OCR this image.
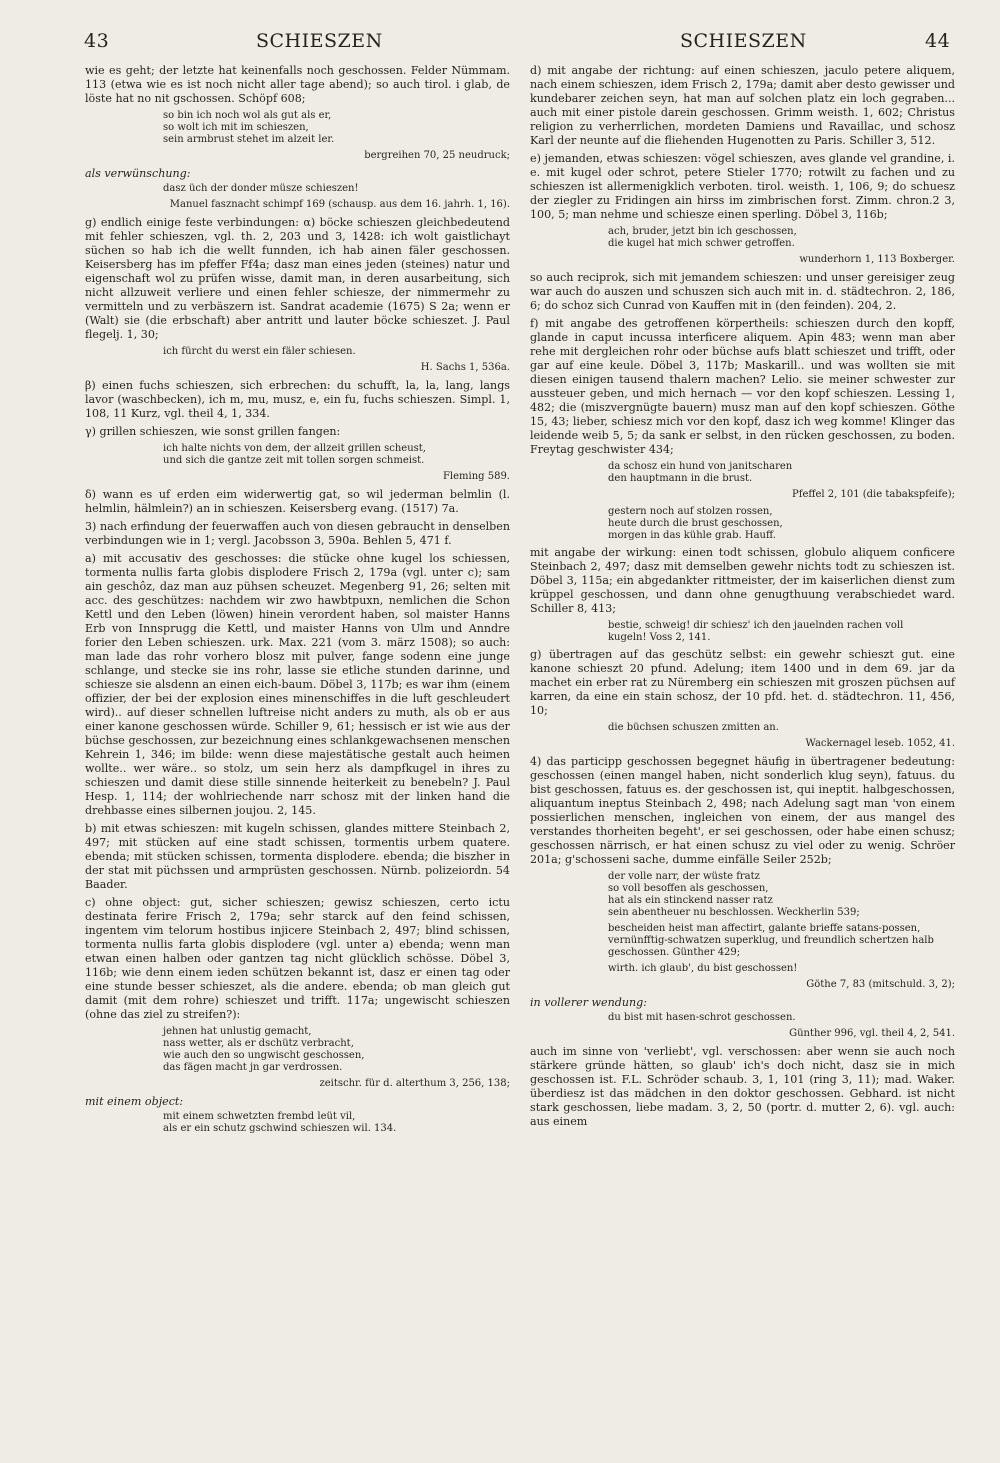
43	SCHIESZEN	SCHIESZEN	44

wie es geht; der letzte hat keinenfalls noch geschossen. Felder Nümmam. 113 (etwa wie es ist noch nicht aller tage abend); so auch tirol. i glab, de löste hat no nit gschossen. Schöpf 608;

so bin ich noch wol als gut als er,
so wolt ich mit im schieszen,
sein armbrust stehet im alzeit ler.

bergreihen 70, 25 neudruck;

als verwünschung:

dasz üch der donder müsze schieszen!

Manuel fasznacht schimpf 169 (schausp. aus dem 16. jahrh. 1, 16).

g) endlich einige feste verbindungen: α) böcke schieszen gleichbedeutend mit fehler schieszen, vgl. th. 2, 203 und 3, 1428: ich wolt gaistlichayt süchen so hab ich die wellt funnden, ich hab ainen fäler geschossen. Keisersberg has im pfeffer Ff4a; dasz man eines jeden (steines) natur und eigenschaft wol zu prüfen wisse, damit man, in deren ausarbeitung, sich nicht allzuweit verliere und einen fehler schiesze, der nimmermehr zu vermitteln und zu verbäszern ist. Sandrat academie (1675) S 2a; wenn er (Walt) sie (die erbschaft) aber antritt und lauter böcke schieszet. J. Paul flegelj. 1, 30;

ich fürcht du werst ein fäler schiesen.

H. Sachs 1, 536a.

β) einen fuchs schieszen, sich erbrechen: du schufft, la, la, lang, langs lavor (waschbecken), ich m, mu, musz, e, ein fu, fuchs schieszen. Simpl. 1, 108, 11 Kurz, vgl. theil 4, 1, 334.

γ) grillen schieszen, wie sonst grillen fangen:

ich halte nichts von dem, der allzeit grillen scheust,
und sich die gantze zeit mit tollen sorgen schmeist.

Fleming 589.

δ) wann es uf erden eim widerwertig gat, so wil jederman belmlin (l. helmlin, hälmlein?) an in schieszen. Keisersberg evang. (1517) 7a.

3) nach erfindung der feuerwaffen auch von diesen gebraucht in denselben verbindungen wie in 1; vergl. Jacobsson 3, 590a. Behlen 5, 471 f.

a) mit accusativ des geschosses: die stücke ohne kugel los schiessen, tormenta nullis farta globis displodere Frisch 2, 179a (vgl. unter c); sam ain geschôz, daz man auz pühsen scheuzet. Megenberg 91, 26; selten mit acc. des geschützes: nachdem wir zwo hawbtpuxn, nemlichen die Schon Kettl und den Leben (löwen) hinein verordent haben, sol maister Hanns Erb von Innsprugg die Kettl, und maister Hanns von Ulm und Anndre forier den Leben schieszen. urk. Max. 221 (vom 3. märz 1508); so auch: man lade das rohr vorhero blosz mit pulver, fange sodenn eine junge schlange, und stecke sie ins rohr, lasse sie etliche stunden darinne, und schiesze sie alsdenn an einen eich-baum. Döbel 3, 117b; es war ihm (einem offizier, der bei der explosion eines minenschiffes in die luft geschleudert wird).. auf dieser schnellen luftreise nicht anders zu muth, als ob er aus einer kanone geschossen würde. Schiller 9, 61; hessisch er ist wie aus der büchse geschossen, zur bezeichnung eines schlankgewachsenen menschen Kehrein 1, 346; im bilde: wenn diese majestätische gestalt auch heimen wollte.. wer wäre.. so stolz, um sein herz als dampfkugel in ihres zu schieszen und damit diese stille sinnende heiterkeit zu benebeln? J. Paul Hesp. 1, 114; der wohlriechende narr schosz mit der linken hand die drehbasse eines silbernen joujou. 2, 145.

b) mit etwas schieszen: mit kugeln schissen, glandes mittere Steinbach 2, 497; mit stücken auf eine stadt schissen, tormentis urbem quatere. ebenda; mit stücken schissen, tormenta displodere. ebenda; die biszher in der stat mit püchssen und armprüsten geschossen. Nürnb. polizeiordn. 54 Baader.

c) ohne object: gut, sicher schieszen; gewisz schieszen, certo ictu destinata ferire Frisch 2, 179a; sehr starck auf den feind schissen, ingentem vim telorum hostibus injicere Steinbach 2, 497; blind schissen, tormenta nullis farta globis displodere (vgl. unter a) ebenda; wenn man etwan einen halben oder gantzen tag nicht glücklich schösse. Döbel 3, 116b; wie denn einem ieden schützen bekannt ist, dasz er einen tag oder eine stunde besser schieszet, als die andere. ebenda; ob man gleich gut damit (mit dem rohre) schieszet und trifft. 117a; ungewischt schieszen (ohne das ziel zu streifen?):

jehnen hat unlustig gemacht,
nass wetter, als er dschütz verbracht,
wie auch den so ungwischt geschossen,
das fägen macht jn gar verdrossen.

zeitschr. für d. alterthum 3, 256, 138;

mit einem object:

mit einem schwetzten frembd leüt vil,
als er ein schutz gschwind schieszen wil. 134.

d) mit angabe der richtung: auf einen schieszen, jaculo petere aliquem, nach einem schieszen, idem Frisch 2, 179a; damit aber desto gewisser und kundebarer zeichen seyn, hat man auf solchen platz ein loch gegraben... auch mit einer pistole darein geschossen. Grimm weisth. 1, 602; Christus religion zu verherrlichen, mordeten Damiens und Ravaillac, und schosz Karl der neunte auf die fliehenden Hugenotten zu Paris. Schiller 3, 512.

e) jemanden, etwas schieszen: vögel schieszen, aves glande vel grandine, i. e. mit kugel oder schrot, petere Stieler 1770; rotwilt zu fachen und zu schieszen ist allermenigklich verboten. tirol. weisth. 1, 106, 9; do schuesz der ziegler zu Fridingen ain hirss im zimbrischen forst. Zimm. chron.2 3, 100, 5; man nehme und schiesze einen sperling. Döbel 3, 116b;

ach, bruder, jetzt bin ich geschossen,
die kugel hat mich schwer getroffen.

wunderhorn 1, 113 Boxberger.

so auch reciprok, sich mit jemandem schieszen: und unser gereisiger zeug war auch do auszen und schuszen sich auch mit in. d. städtechron. 2, 186, 6; do schoz sich Cunrad von Kauffen mit in (den feinden). 204, 2.

f) mit angabe des getroffenen körpertheils: schieszen durch den kopff, glande in caput incussa interficere aliquem. Apin 483; wenn man aber rehe mit dergleichen rohr oder büchse aufs blatt schieszet und trifft, oder gar auf eine keule. Döbel 3, 117b; Maskarill.. und was wollten sie mit diesen einigen tausend thalern machen? Lelio. sie meiner schwester zur aussteuer geben, und mich hernach — vor den kopf schieszen. Lessing 1, 482; die (miszvergnügte bauern) musz man auf den kopf schieszen. Göthe 15, 43; lieber, schiesz mich vor den kopf, dasz ich weg komme! Klinger das leidende weib 5, 5; da sank er selbst, in den rücken geschossen, zu boden. Freytag geschwister 434;

da schosz ein hund von janitscharen
den hauptmann in die brust.

Pfeffel 2, 101 (die tabakspfeife);

gestern noch auf stolzen rossen,
heute durch die brust geschossen,
morgen in das kühle grab. Hauff.

mit angabe der wirkung: einen todt schissen, globulo aliquem conficere Steinbach 2, 497; dasz mit demselben gewehr nichts todt zu schieszen ist. Döbel 3, 115a; ein abgedankter rittmeister, der im kaiserlichen dienst zum krüppel geschossen, und dann ohne genugthuung verabschiedet ward. Schiller 8, 413;

bestie, schweig! dir schiesz' ich den jauelnden rachen voll
kugeln! Voss 2, 141.

g) übertragen auf das geschütz selbst: ein gewehr schieszt gut. eine kanone schieszt 20 pfund. Adelung; item 1400 und in dem 69. jar da machet ein erber rat zu Nüremberg ein schieszen mit groszen püchsen auf karren, da eine ein stain schosz, der 10 pfd. het. d. städtechron. 11, 456, 10;

die büchsen schuszen zmitten an.

Wackernagel leseb. 1052, 41.

4) das participp geschossen begegnet häufig in übertragener bedeutung: geschossen (einen mangel haben, nicht sonderlich klug seyn), fatuus. du bist geschossen, fatuus es. der geschossen ist, qui ineptit. halbgeschossen, aliquantum ineptus Steinbach 2, 498; nach Adelung sagt man 'von einem possierlichen menschen, ingleichen von einem, der aus mangel des verstandes thorheiten begeht', er sei geschossen, oder habe einen schusz; geschossen närrisch, er hat einen schusz zu viel oder zu wenig. Schröer 201a; g'schosseni sache, dumme einfälle Seiler 252b;

der volle narr, der wüste fratz
so voll besoffen als geschossen,
hat als ein stinckend nasser ratz
sein abentheuer nu beschlossen. Weckherlin 539;
bescheiden heist man affectirt, galante brieffe satans-possen,
vernünfftig-schwatzen superklug, und freundlich schertzen halb
geschossen. Günther 429;
wirth. ich glaub', du bist geschossen!

Göthe 7, 83 (mitschuld. 3, 2);

in vollerer wendung:

du bist mit hasen-schrot geschossen.

Günther 996, vgl. theil 4, 2, 541.

auch im sinne von 'verliebt', vgl. verschossen: aber wenn sie auch noch stärkere gründe hätten, so glaub' ich's doch nicht, dasz sie in mich geschossen ist. F.L. Schröder schaub. 3, 1, 101 (ring 3, 11); mad. Waker. überdiesz ist das mädchen in den doktor geschossen. Gebhard. ist nicht stark geschossen, liebe madam. 3, 2, 50 (portr. d. mutter 2, 6). vgl. auch: aus einem
